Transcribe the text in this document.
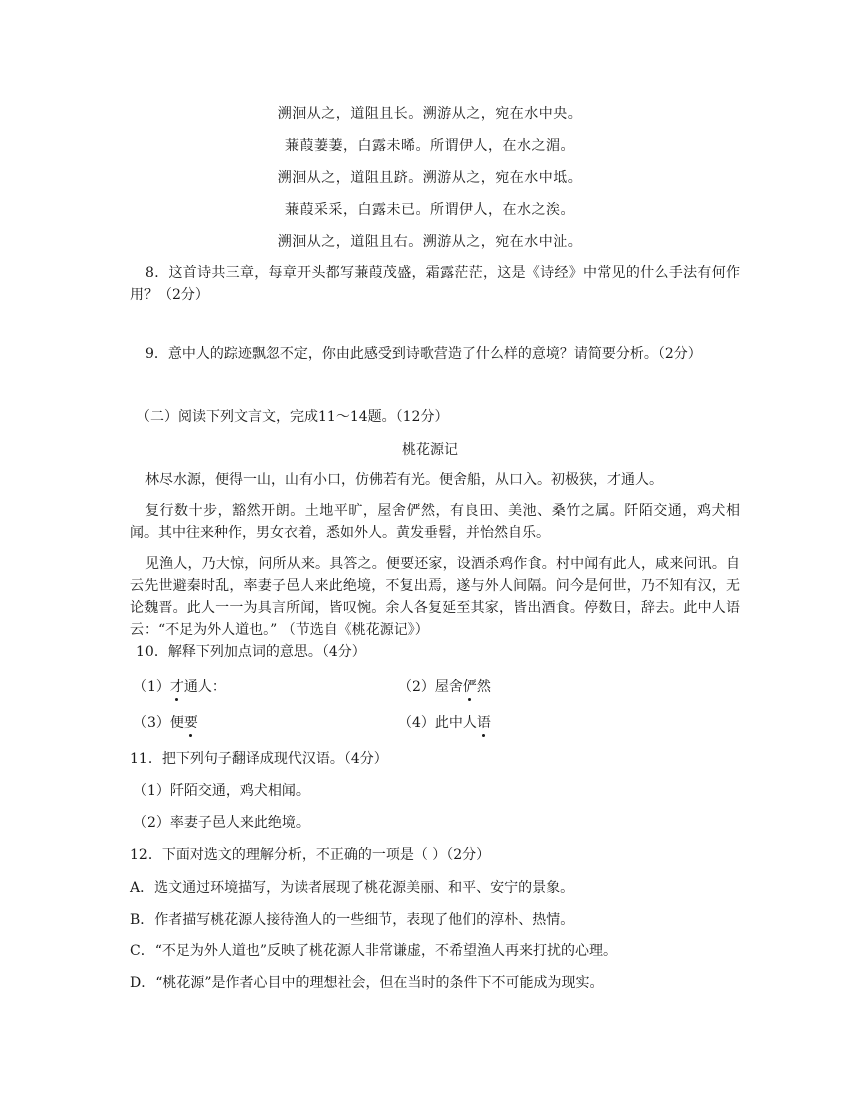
溯洄从之，道阻且长。溯游从之，宛在水中央。
蒹葭萋萋，白露未晞。所谓伊人，在水之湄。
溯洄从之，道阻且跻。溯游从之，宛在水中坻。
蒹葭采采，白露未已。所谓伊人，在水之涘。
溯洄从之，道阻且右。溯游从之，宛在水中沚。
8．这首诗共三章，每章开头都写蒹葭茂盛，霜露茫茫，这是《诗经》中常见的什么手法有何作用？（2分）
9．意中人的踪迹飘忽不定，你由此感受到诗歌营造了什么样的意境？请简要分析。（2分）
（二）阅读下列文言文，完成11～14题。（12分）
桃花源记
林尽水源，便得一山，山有小口，仿佛若有光。便舍船，从口入。初极狭，才通人。
复行数十步，豁然开朗。土地平旷，屋舍俨然，有良田、美池、桑竹之属。阡陌交通，鸡犬相闻。其中往来种作，男女衣着，悉如外人。黄发垂髫，并怡然自乐。
见渔人，乃大惊，问所从来。具答之。便要还家，设酒杀鸡作食。村中闻有此人，咸来问讯。自云先世避秦时乱，率妻子邑人来此绝境，不复出焉，遂与外人间隔。问今是何世，乃不知有汉，无论魏晋。此人一一为具言所闻，皆叹惋。余人各复延至其家，皆出酒食。停数日，辞去。此中人语云：“不足为外人道也。” （节选自《桃花源记》）
10．解释下列加点词的意思。（4分）
（1）才通人：	（2）屋舍俨然
（3）便要	（4）此中人语
11．把下列句子翻译成现代汉语。（4分）
（1）阡陌交通，鸡犬相闻。
（2）率妻子邑人来此绝境。
12．下面对选文的理解分析，不正确的一项是（ ）（2分）
A．选文通过环境描写，为读者展现了桃花源美丽、和平、安宁的景象。
B．作者描写桃花源人接待渔人的一些细节，表现了他们的淳朴、热情。
C．“不足为外人道也”反映了桃花源人非常谦虚，不希望渔人再来打扰的心理。
D．“桃花源”是作者心目中的理想社会，但在当时的条件下不可能成为现实。
